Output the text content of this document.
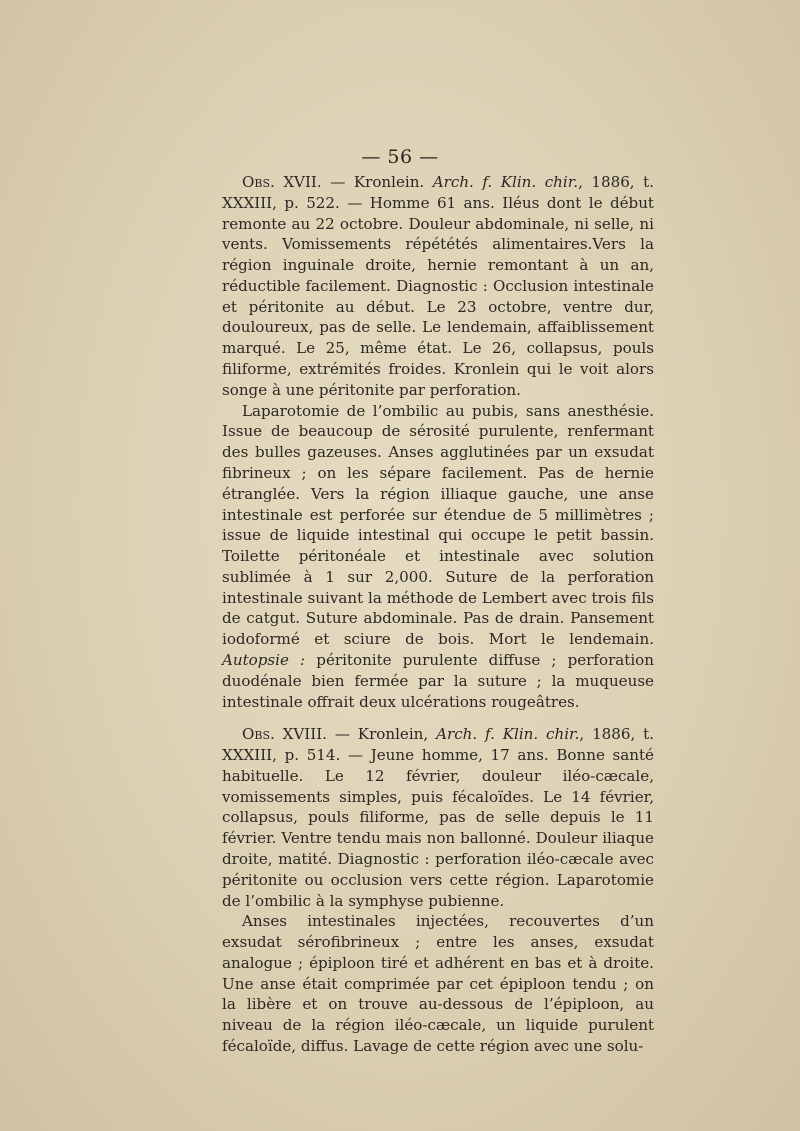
— 56 —

Obs. XVII. — Kronlein. Arch. f. Klin. chir., 1886, t. XXXIII, p. 522. — Homme 61 ans. Iléus dont le début remonte au 22 octobre. Douleur abdominale, ni selle, ni vents. Vomissements répététés alimentaires.Vers la région inguinale droite, hernie remontant à un an, réductible facilement. Diagnostic : Occlusion intestinale et péritonite au début. Le 23 octobre, ventre dur, douloureux, pas de selle. Le lendemain, affaiblissement marqué. Le 25, même état. Le 26, collapsus, pouls filiforme, extrémités froides. Kronlein qui le voit alors songe à une péritonite par perforation.

Laparotomie de l’ombilic au pubis, sans anesthésie. Issue de beaucoup de sérosité purulente, renfermant des bulles gazeuses. Anses agglutinées par un exsudat fibrineux ; on les sépare facilement. Pas de hernie étranglée. Vers la région illiaque gauche, une anse intestinale est perforée sur étendue de 5 millimètres ; issue de liquide intestinal qui occupe le petit bassin. Toilette péritonéale et intestinale avec solution sublimée à 1 sur 2,000. Suture de la perforation intestinale suivant la méthode de Lembert avec trois fils de catgut. Suture abdominale. Pas de drain. Pansement iodoformé et sciure de bois. Mort le lendemain. Autopsie : péritonite purulente diffuse ; perforation duodénale bien fermée par la suture ; la muqueuse intestinale offrait deux ulcérations rougeâtres.

Obs. XVIII. — Kronlein, Arch. f. Klin. chir., 1886, t. XXXIII, p. 514. — Jeune homme, 17 ans. Bonne santé habituelle. Le 12 février, douleur iléo-cæcale, vomissements simples, puis fécaloïdes. Le 14 février, collapsus, pouls filiforme, pas de selle depuis le 11 février. Ventre tendu mais non ballonné. Douleur iliaque droite, matité. Diagnostic : perforation iléo-cæcale avec péritonite ou occlusion vers cette région. Laparotomie de l’ombilic à la symphyse pubienne.

Anses intestinales injectées, recouvertes d’un exsudat sérofibrineux ; entre les anses, exsudat analogue ; épiploon tiré et adhérent en bas et à droite. Une anse était comprimée par cet épiploon tendu ; on la libère et on trouve au-dessous de l’épiploon, au niveau de la région iléo-cæcale, un liquide purulent fécaloïde, diffus. Lavage de cette région avec une solu-
